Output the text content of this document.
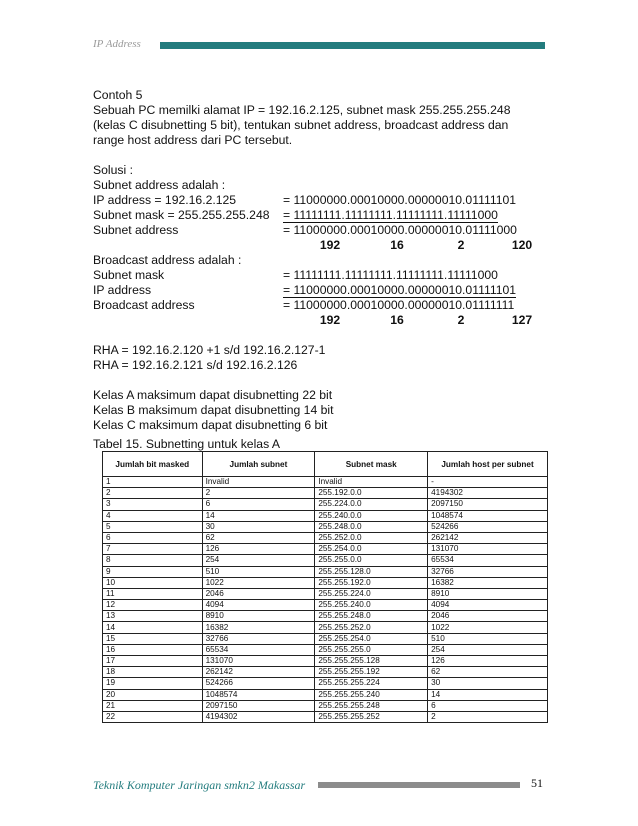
IP Address
Contoh 5
Sebuah PC memilki alamat IP = 192.16.2.125, subnet mask 255.255.255.248
(kelas C disubnetting 5 bit), tentukan subnet address, broadcast address dan
range host address dari PC tersebut.
Solusi :
Subnet address adalah :
IP address = 192.16.2.125	= 11000000.00010000.00000010.01111101
Subnet mask = 255.255.255.248	= 11111111.11111111.11111111.11111000
Subnet address	= 11000000.00010000.00000010.01111000
192	16	2	120
Broadcast address adalah :
Subnet mask	= 11111111.11111111.11111111.11111000
IP address	= 11000000.00010000.00000010.01111101
Broadcast address	= 11000000.00010000.00000010.01111111
192	16	2	127
RHA = 192.16.2.120 +1 s/d 192.16.2.127-1
RHA = 192.16.2.121 s/d 192.16.2.126
Kelas A maksimum dapat disubnetting 22 bit
Kelas B maksimum dapat disubnetting 14 bit
Kelas C maksimum dapat disubnetting 6 bit
Tabel 15. Subnetting untuk kelas A
Jumlah bit masked	Jumlah subnet	Subnet mask	Jumlah host per subnet
1	Invalid	Invalid	-
2	2	255.192.0.0	4194302
3	6	255.224.0.0	2097150
4	14	255.240.0.0	1048574
5	30	255.248.0.0	524266
6	62	255.252.0.0	262142
7	126	255.254.0.0	131070
8	254	255.255.0.0	65534
9	510	255.255.128.0	32766
10	1022	255.255.192.0	16382
11	2046	255.255.224.0	8910
12	4094	255.255.240.0	4094
13	8910	255.255.248.0	2046
14	16382	255.255.252.0	1022
15	32766	255.255.254.0	510
16	65534	255.255.255.0	254
17	131070	255.255.255.128	126
18	262142	255.255.255.192	62
19	524266	255.255.255.224	30
20	1048574	255.255.255.240	14
21	2097150	255.255.255.248	6
22	4194302	255.255.255.252	2
Teknik Komputer Jaringan smkn2 Makassar	51
